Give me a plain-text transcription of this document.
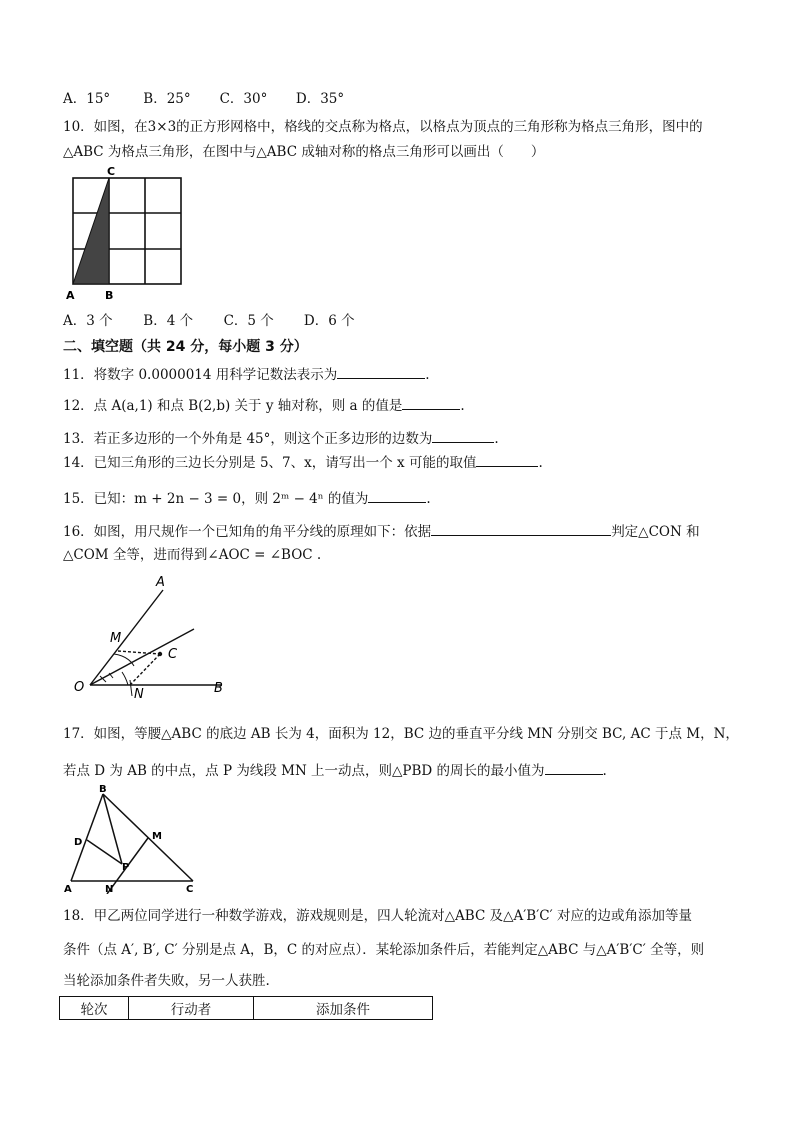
A．15° B．25° C．30° D．35°
10．如图，在3×3的正方形网格中，格线的交点称为格点，以格点为顶点的三角形称为格点三角形，图中的
△ABC 为格点三角形，在图中与△ABC 成轴对称的格点三角形可以画出（　　）
C
A	B
A．3 个 B．4 个 C．5 个 D．6 个
二、填空题（共 24 分，每小题 3 分）
11．将数字 0.0000014 用科学记数法表示为	.
12．点 A(a,1) 和点 B(2,b) 关于 y 轴对称，则 a 的值是	.
13．若正多边形的一个外角是 45°，则这个正多边形的边数为	.
14．已知三角形的三边长分别是 5、7、x，请写出一个 x 可能的取值	.
15．已知：m + 2n − 3 = 0，则 2ᵐ − 4ⁿ 的值为	.
16．如图，用尺规作一个已知角的角平分线的原理如下：依据	判定△CON 和
△COM 全等，进而得到∠AOC = ∠BOC .
A
M
C
O	N	B
17．如图，等腰△ABC 的底边 AB 长为 4，面积为 12，BC 边的垂直平分线 MN 分别交 BC, AC 于点 M，N，
若点 D 为 AB 的中点，点 P 为线段 MN 上一动点，则△PBD 的周长的最小值为	.
B
D
M
P
A	N	C
18．甲乙两位同学进行一种数学游戏，游戏规则是，四人轮流对△ABC 及△A′B′C′ 对应的边或角添加等量
条件（点 A′, B′, C′ 分别是点 A，B，C 的对应点）．某轮添加条件后，若能判定△ABC 与△A′B′C′ 全等，则
当轮添加条件者失败，另一人获胜.
轮次	行动者	添加条件
